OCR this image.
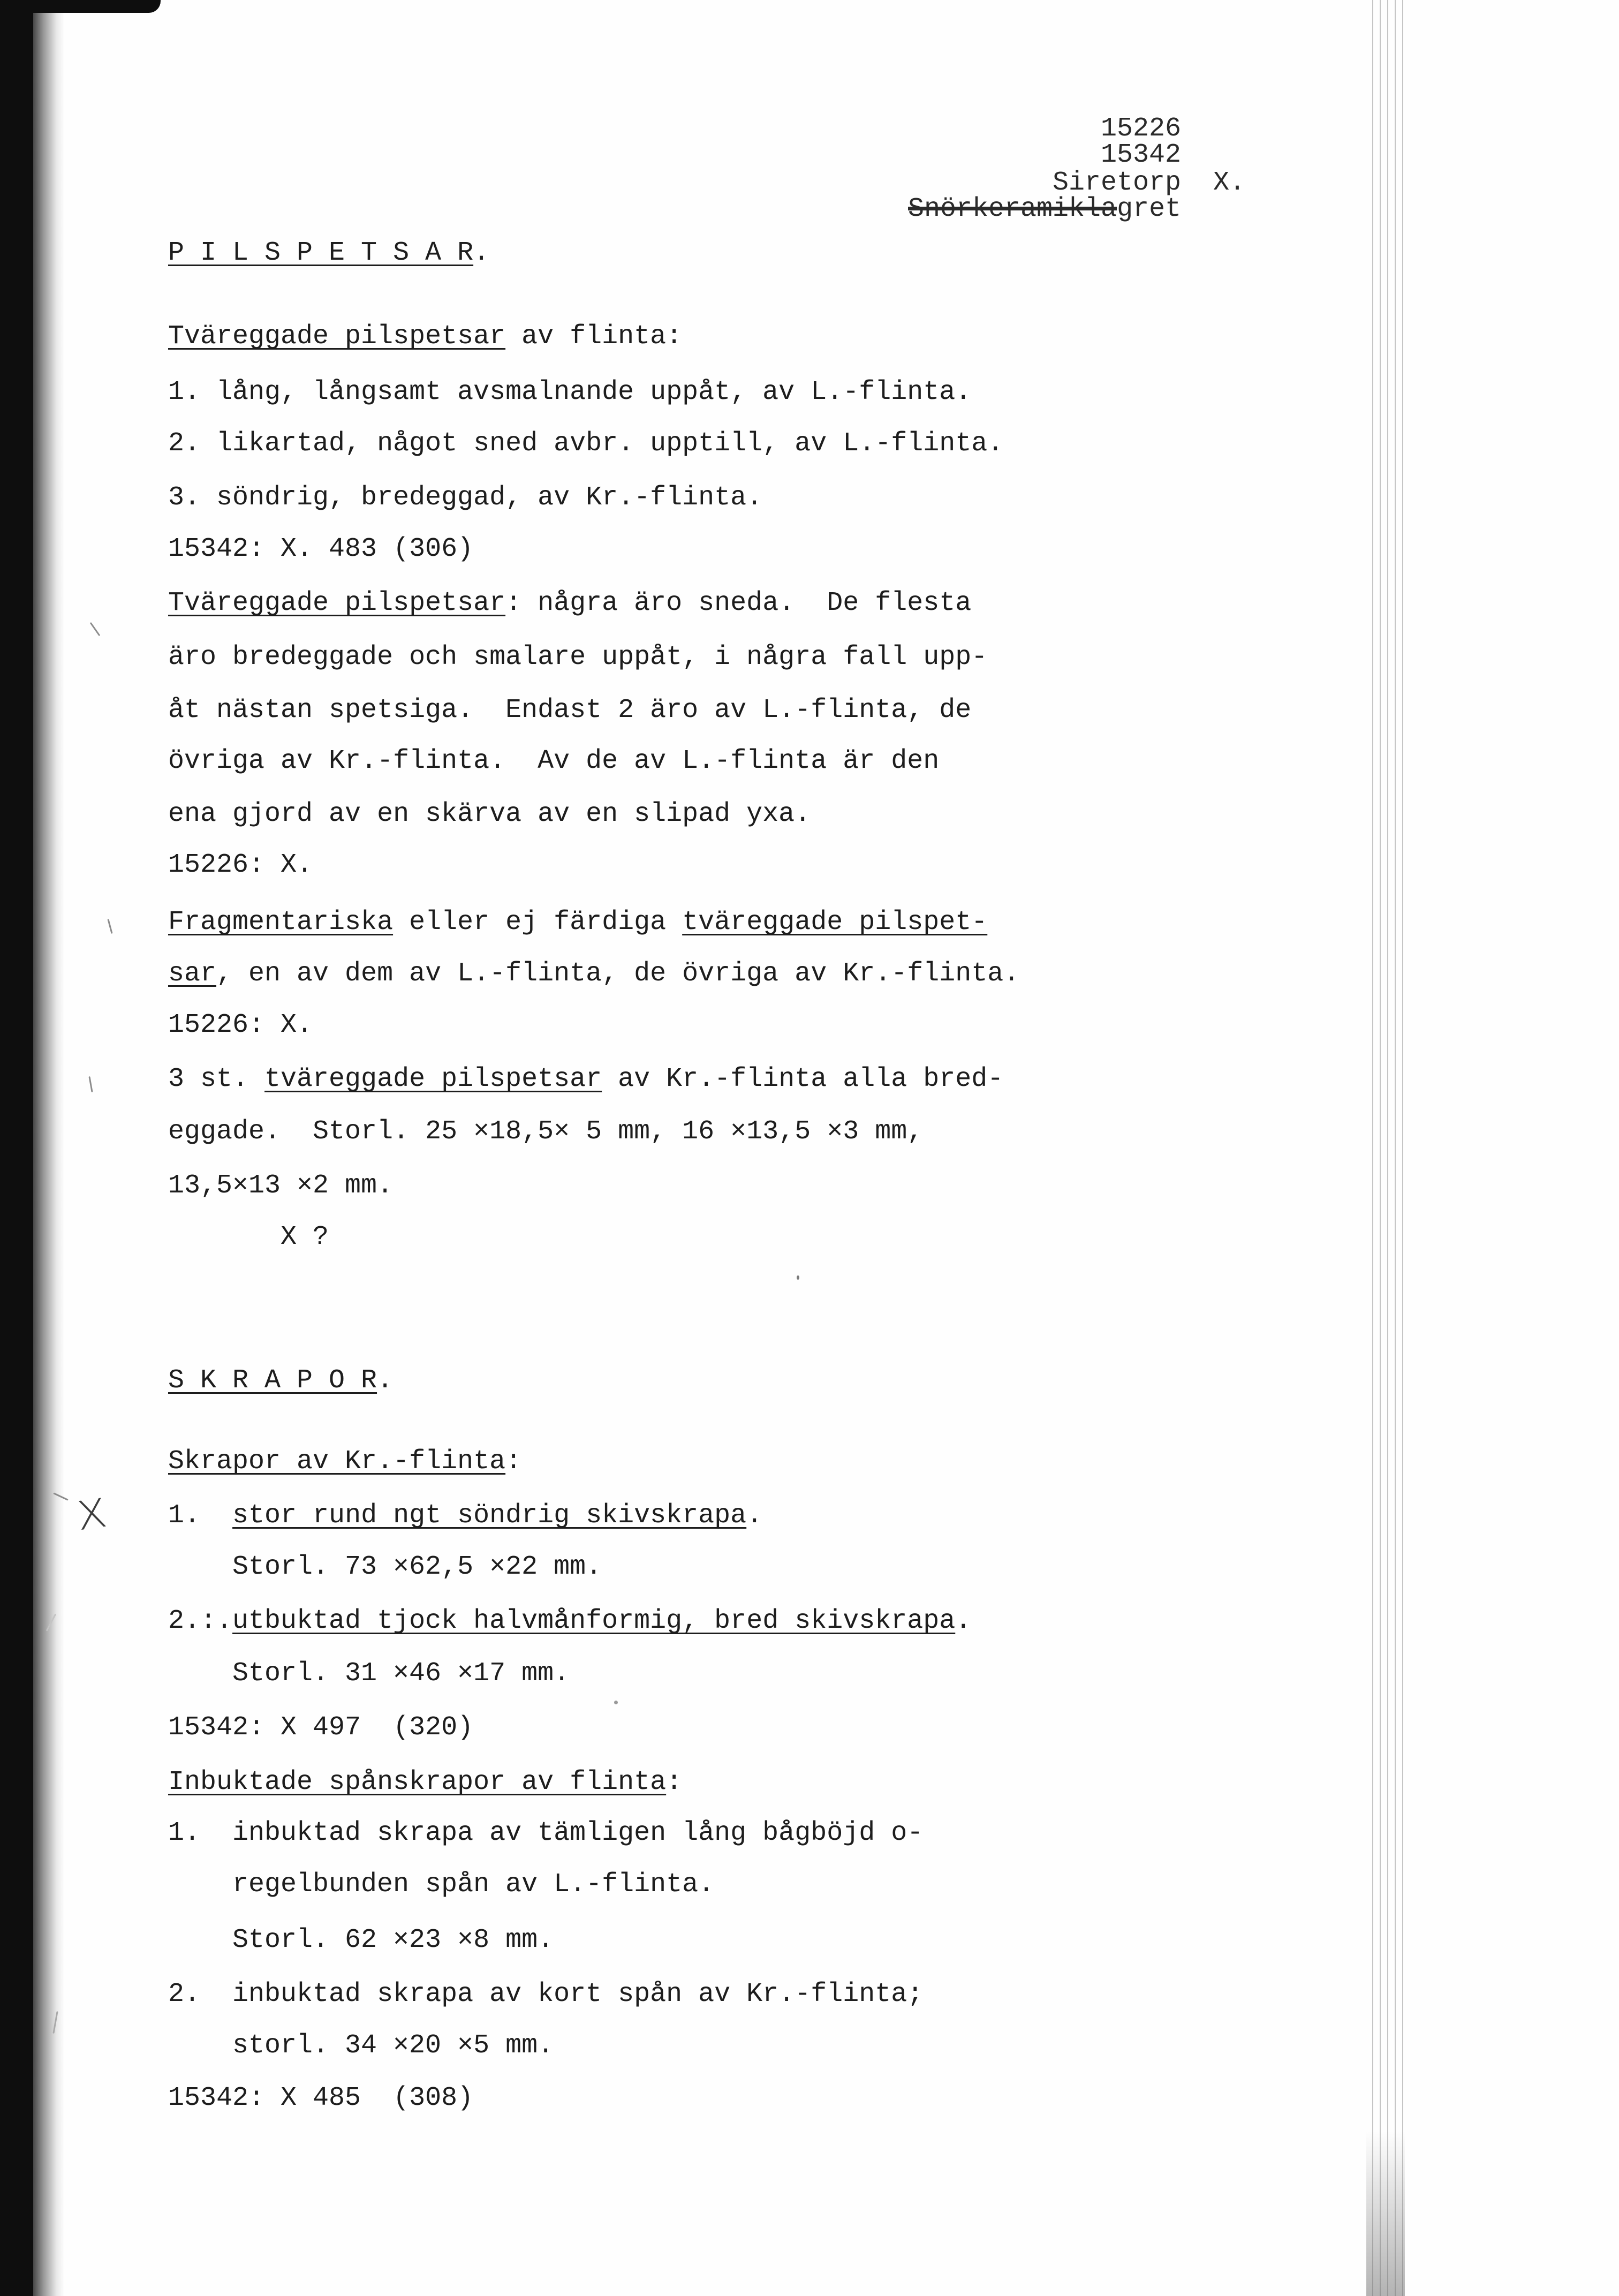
15226
15342
Siretorp X.
Snörkeramiklagret
P I L S P E T S A R.
Tväreggade pilspetsar av flinta:
1. lång, långsamt avsmalnande uppåt, av L.-flinta.
2. likartad, något sned avbr. upptill, av L.-flinta.
3. söndrig, bredeggad, av Kr.-flinta.
15342: X. 483 (306)
Tväreggade pilspetsar: några äro sneda.  De flesta
äro bredeggade och smalare uppåt, i några fall upp-
åt nästan spetsiga.  Endast 2 äro av L.-flinta, de
övriga av Kr.-flinta.  Av de av L.-flinta är den
ena gjord av en skärva av en slipad yxa.
15226: X.
Fragmentariska eller ej färdiga tväreggade pilspet-
sar, en av dem av L.-flinta, de övriga av Kr.-flinta.
15226: X.
3 st. tväreggade pilspetsar av Kr.-flinta alla bred-
eggade.  Storl. 25 ×18,5× 5 mm, 16 ×13,5 ×3 mm,
13,5×13 ×2 mm.
X ?
S K R A P O R.
Skrapor av Kr.-flinta:
1.  stor rund ngt söndrig skivskrapa.
Storl. 73 ×62,5 ×22 mm.
2.:.utbuktad tjock halvmånformig, bred skivskrapa.
Storl. 31 ×46 ×17 mm.
15342: X 497  (320)
Inbuktade spånskrapor av flinta:
1.  inbuktad skrapa av tämligen lång bågböjd o-
regelbunden spån av L.-flinta.
Storl. 62 ×23 ×8 mm.
2.  inbuktad skrapa av kort spån av Kr.-flinta;
storl. 34 ×20 ×5 mm.
15342: X 485  (308)
X
